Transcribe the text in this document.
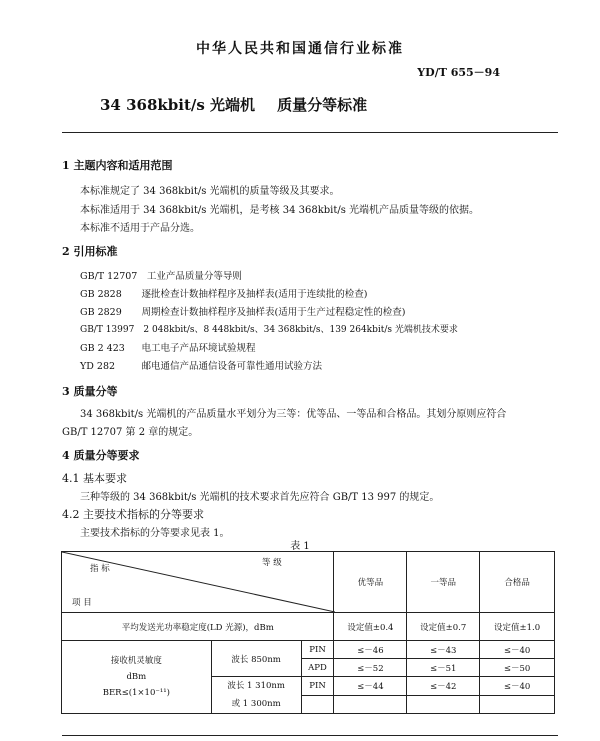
中华人民共和国通信行业标准
YD/T 655－94
34 368kbit/s 光端机 质量分等标准
1 主题内容和适用范围
本标准规定了 34 368kbit/s 光端机的质量等级及其要求。
本标准适用于 34 368kbit/s 光端机，是考核 34 368kbit/s 光端机产品质量等级的依据。
本标准不适用于产品分选。
2 引用标准
GB/T 12707　 工业产品质量分等导则
GB 2828　 逐批检查计数抽样程序及抽样表(适用于连续批的检查)
GB 2829　 周期检查计数抽样程序及抽样表(适用于生产过程稳定性的检查)
GB/T 13997　 2 048kbit/s、8 448kbit/s、34 368kbit/s、139 264kbit/s 光端机技术要求
GB 2 423　 电工电子产品环境试验规程
YD 282　	邮电通信产品通信设备可靠性通用试验方法
3 质量分等
34 368kbit/s 光端机的产品质量水平划分为三等：优等品、一等品和合格品。其划分原则应符合
GB/T 12707 第 2 章的规定。
4 质量分等要求
4.1 基本要求
三种等级的 34 368kbit/s 光端机的技术要求首先应符合 GB/T 13 997 的规定。
4.2 主要技术指标的分等要求
主要技术指标的分等要求见表 1。
表 1
指 标
等 级
项 目			优等品	一等品	合格品
平均发送光功率稳定度(LD 光源)，dBm			设定值±0.4	设定值±0.7	设定值±1.0

接收机灵敏度
dBm
BER≤(1×10⁻¹¹)	波长 850nm	PIN	≤－46	≤－43	≤－40
		APD	≤－52	≤－51	≤－50

	波长 1 310nm
或 1 300nm	PIN	≤－44	≤－42	≤－40
